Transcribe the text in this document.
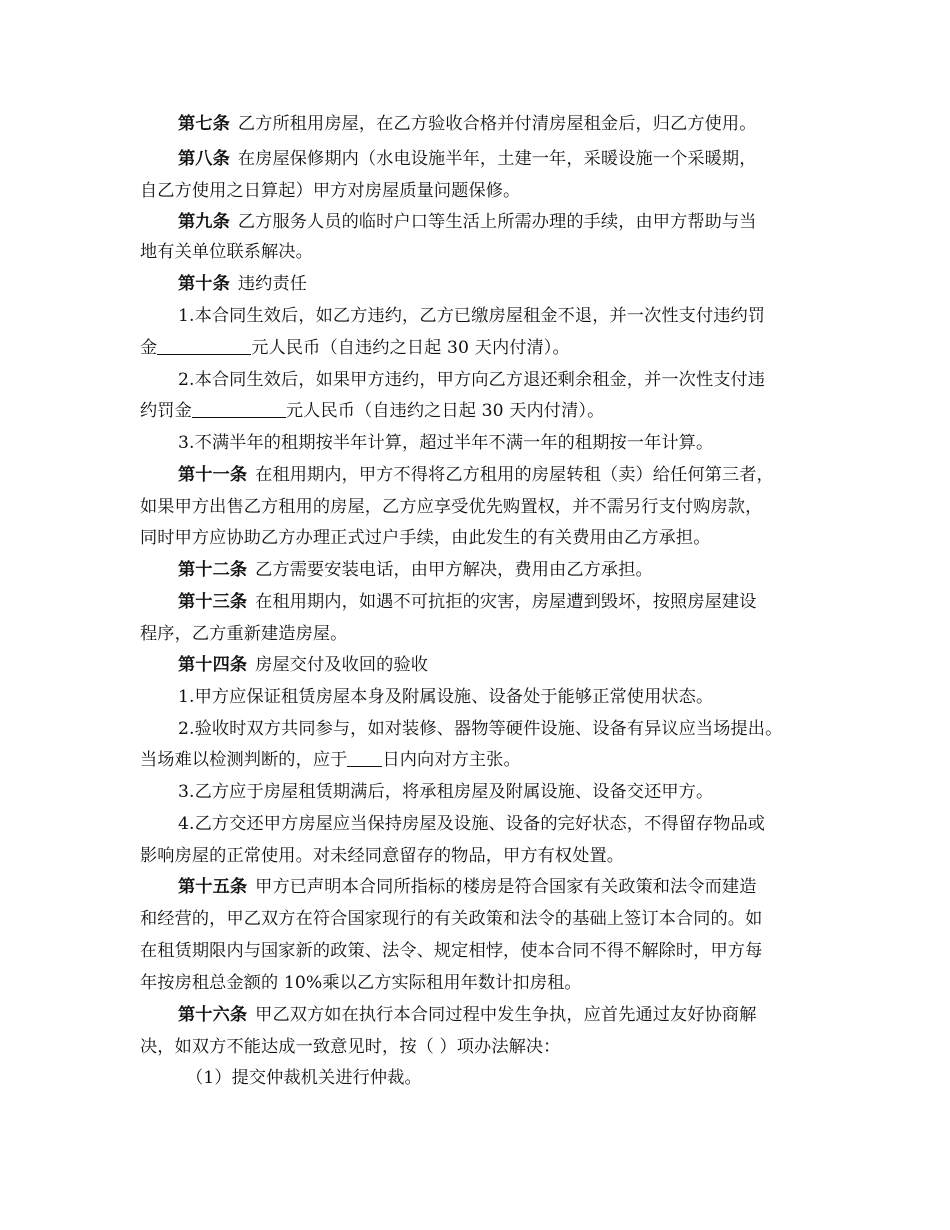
第七条 乙方所租用房屋，在乙方验收合格并付清房屋租金后，归乙方使用。
第八条 在房屋保修期内（水电设施半年，土建一年，采暖设施一个采暖期，
自乙方使用之日算起）甲方对房屋质量问题保修。
第九条 乙方服务人员的临时户口等生活上所需办理的手续，由甲方帮助与当
地有关单位联系解决。
第十条 违约责任
1.本合同生效后，如乙方违约，乙方已缴房屋租金不退，并一次性支付违约罚
金	元人民币（自违约之日起 30 天内付清）。
2.本合同生效后，如果甲方违约，甲方向乙方退还剩余租金，并一次性支付违
约罚金	元人民币（自违约之日起 30 天内付清）。
3.不满半年的租期按半年计算，超过半年不满一年的租期按一年计算。
第十一条 在租用期内，甲方不得将乙方租用的房屋转租（卖）给任何第三者，
如果甲方出售乙方租用的房屋，乙方应享受优先购置权，并不需另行支付购房款，
同时甲方应协助乙方办理正式过户手续，由此发生的有关费用由乙方承担。
第十二条 乙方需要安装电话，由甲方解决，费用由乙方承担。
第十三条 在租用期内，如遇不可抗拒的灾害，房屋遭到毁坏，按照房屋建设
程序，乙方重新建造房屋。
第十四条 房屋交付及收回的验收
1.甲方应保证租赁房屋本身及附属设施、设备处于能够正常使用状态。
2.验收时双方共同参与，如对装修、器物等硬件设施、设备有异议应当场提出。
当场难以检测判断的，应于 日内向对方主张。
3.乙方应于房屋租赁期满后，将承租房屋及附属设施、设备交还甲方。
4.乙方交还甲方房屋应当保持房屋及设施、设备的完好状态，不得留存物品或
影响房屋的正常使用。对未经同意留存的物品，甲方有权处置。
第十五条 甲方已声明本合同所指标的楼房是符合国家有关政策和法令而建造
和经营的，甲乙双方在符合国家现行的有关政策和法令的基础上签订本合同的。如
在租赁期限内与国家新的政策、法令、规定相悖，使本合同不得不解除时，甲方每
年按房租总金额的 10%乘以乙方实际租用年数计扣房租。
第十六条 甲乙双方如在执行本合同过程中发生争执，应首先通过友好协商解
决，如双方不能达成一致意见时，按（ ）项办法解决：
（1）提交仲裁机关进行仲裁。
